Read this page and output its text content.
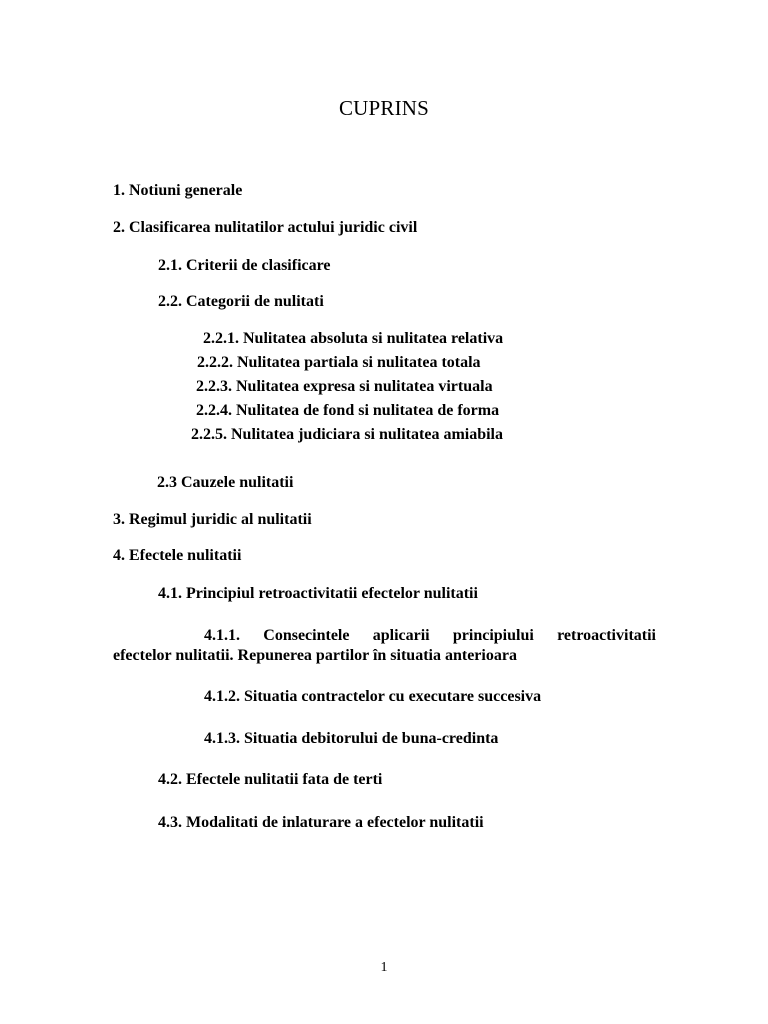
CUPRINS
1. Notiuni generale
2. Clasificarea nulitatilor actului juridic civil
2.1. Criterii de clasificare
2.2. Categorii de nulitati
2.2.1. Nulitatea absoluta si nulitatea relativa
2.2.2. Nulitatea partiala si nulitatea totala
2.2.3. Nulitatea expresa si nulitatea virtuala
2.2.4. Nulitatea de fond si nulitatea de forma
2.2.5. Nulitatea judiciara si nulitatea amiabila
2.3 Cauzele nulitatii
3. Regimul juridic al nulitatii
4. Efectele nulitatii
4.1. Principiul retroactivitatii efectelor nulitatii
4.1.1. Consecintele aplicarii principiului retroactivitatii
efectelor nulitatii. Repunerea partilor în situatia anterioara
4.1.2. Situatia contractelor cu executare succesiva
4.1.3. Situatia debitorului de buna-credinta
4.2. Efectele nulitatii fata de terti
4.3. Modalitati de inlaturare a efectelor nulitatii
1
